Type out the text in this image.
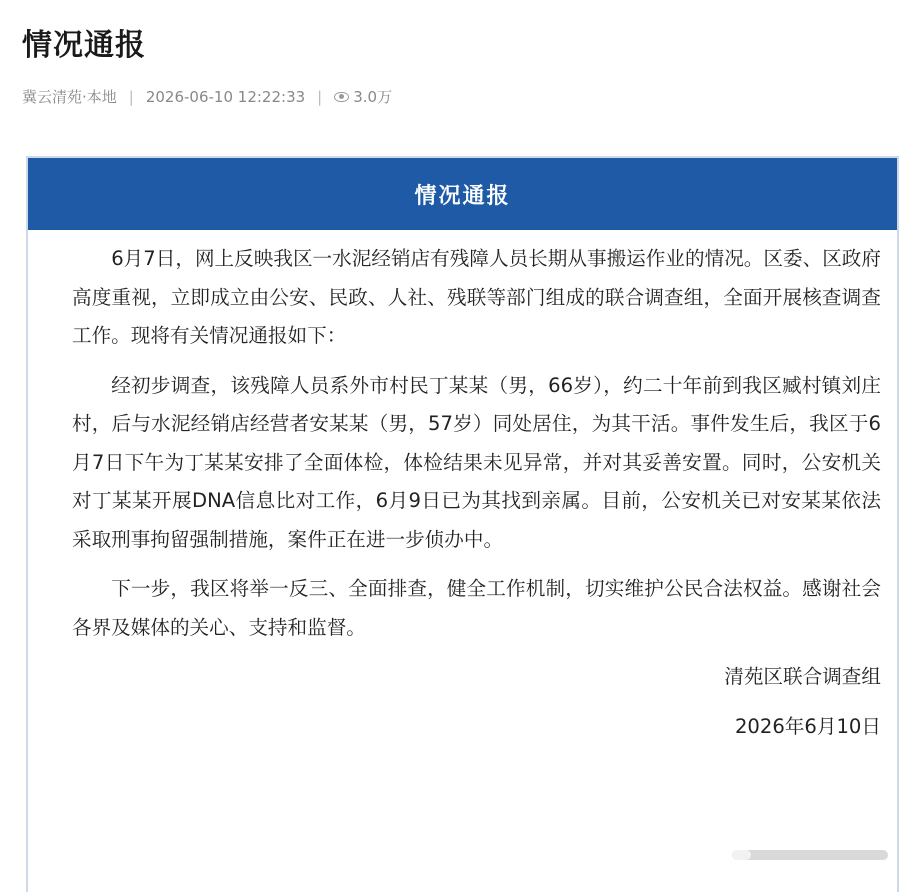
情况通报
冀云清苑·本地 | 2026-06-10 12:22:33 | 3.0万
情况通报

6月7日，网上反映我区一水泥经销店有残障人员长期从事搬运作业的情况。区委、区政府高度重视，立即成立由公安、民政、人社、残联等部门组成的联合调查组，全面开展核查调查工作。现将有关情况通报如下：

经初步调查，该残障人员系外市村民丁某某（男，66岁），约二十年前到我区臧村镇刘庄村，后与水泥经销店经营者安某某（男，57岁）同处居住，为其干活。事件发生后，我区于6月7日下午为丁某某安排了全面体检，体检结果未见异常，并对其妥善安置。同时，公安机关对丁某某开展DNA信息比对工作，6月9日已为其找到亲属。目前，公安机关已对安某某依法采取刑事拘留强制措施，案件正在进一步侦办中。

下一步，我区将举一反三、全面排查，健全工作机制，切实维护公民合法权益。感谢社会各界及媒体的关心、支持和监督。

清苑区联合调查组
2026年6月10日
